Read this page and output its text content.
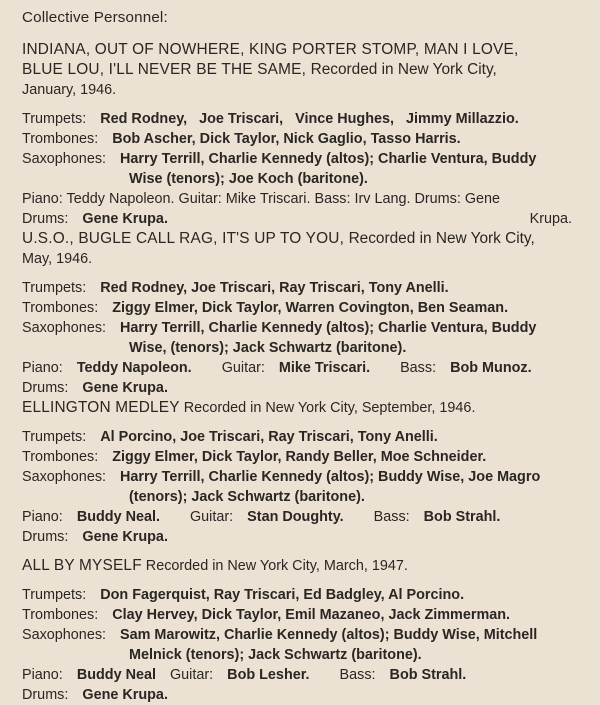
Collective Personnel:
INDIANA, OUT OF NOWHERE, KING PORTER STOMP, MAN I LOVE,
BLUE LOU, I'LL NEVER BE THE SAME, Recorded in New York City,
January, 1946.
Trumpets: Red Rodney,   Joe Triscari,   Vince Hughes,   Jimmy Millazzio.
Trombones: Bob Ascher, Dick Taylor, Nick Gaglio, Tasso Harris.
Saxophones: Harry Terrill, Charlie Kennedy (altos); Charlie Ventura, Buddy
Wise (tenors); Joe Koch (baritone).
Piano: Teddy Napoleon. Guitar: Mike Triscari. Bass: Irv Lang. Drums: Gene
Drums: Gene Krupa.	Krupa.
U.S.O., BUGLE CALL RAG, IT'S UP TO YOU, Recorded in New York City,
May, 1946.
Trumpets: Red Rodney, Joe Triscari, Ray Triscari, Tony Anelli.
Trombones: Ziggy Elmer, Dick Taylor, Warren Covington, Ben Seaman.
Saxophones: Harry Terrill, Charlie Kennedy (altos); Charlie Ventura, Buddy
Wise, (tenors); Jack Schwartz (baritone).
Piano: Teddy Napoleon. Guitar: Mike Triscari. Bass: Bob Munoz.
Drums: Gene Krupa.
ELLINGTON MEDLEY Recorded in New York City, September, 1946.
Trumpets: Al Porcino, Joe Triscari, Ray Triscari, Tony Anelli.
Trombones: Ziggy Elmer, Dick Taylor, Randy Beller, Moe Schneider.
Saxophones: Harry Terrill, Charlie Kennedy (altos); Buddy Wise, Joe Magro
(tenors); Jack Schwartz (baritone).
Piano: Buddy Neal. Guitar: Stan Doughty. Bass: Bob Strahl.
Drums: Gene Krupa.
ALL BY MYSELF Recorded in New York City, March, 1947.
Trumpets: Don Fagerquist, Ray Triscari, Ed Badgley, Al Porcino.
Trombones: Clay Hervey, Dick Taylor, Emil Mazaneo, Jack Zimmerman.
Saxophones: Sam Marowitz, Charlie Kennedy (altos); Buddy Wise, Mitchell
Melnick (tenors); Jack Schwartz (baritone).
Piano: Buddy Neal Guitar: Bob Lesher. Bass: Bob Strahl.
Drums: Gene Krupa.
